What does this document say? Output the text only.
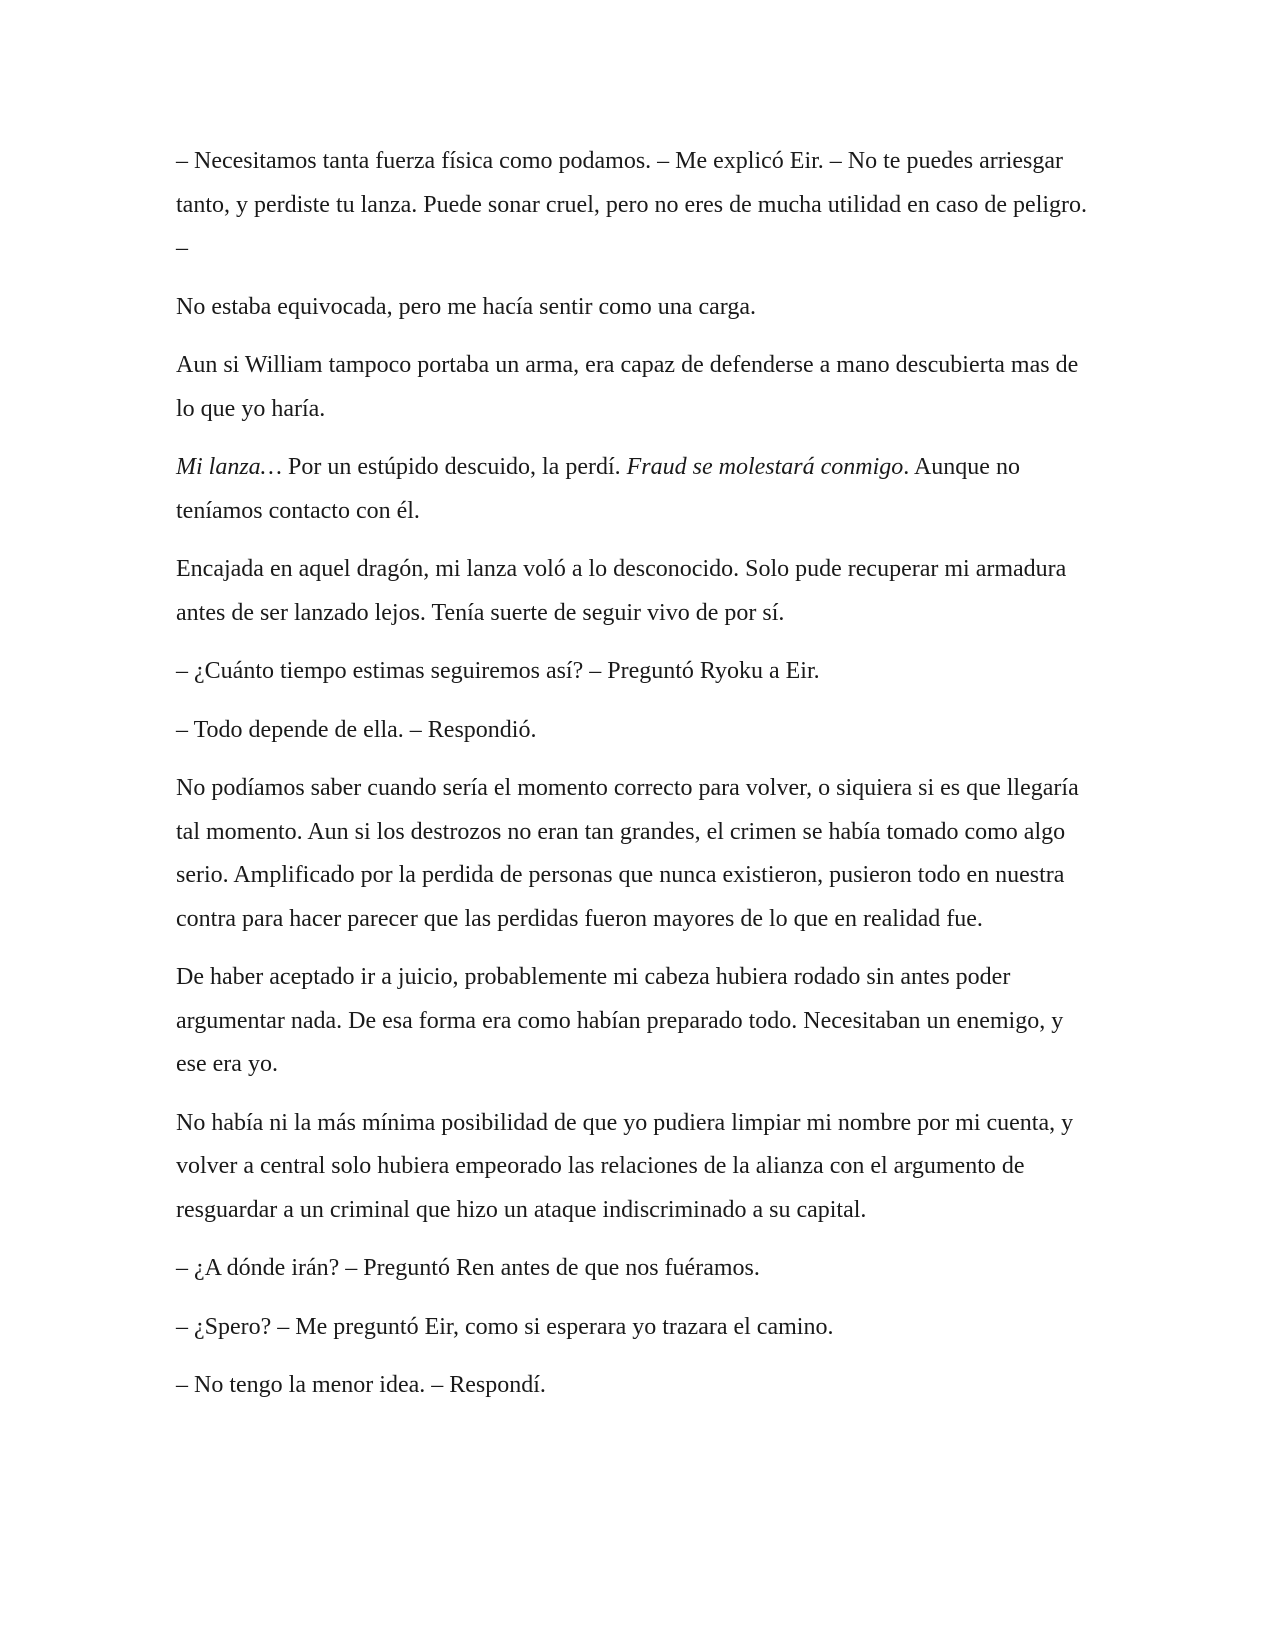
– Necesitamos tanta fuerza física como podamos. – Me explicó Eir. – No te puedes arriesgar tanto, y perdiste tu lanza. Puede sonar cruel, pero no eres de mucha utilidad en caso de peligro. –

No estaba equivocada, pero me hacía sentir como una carga.

Aun si William tampoco portaba un arma, era capaz de defenderse a mano descubierta mas de lo que yo haría.

Mi lanza… Por un estúpido descuido, la perdí. Fraud se molestará conmigo. Aunque no teníamos contacto con él.

Encajada en aquel dragón, mi lanza voló a lo desconocido. Solo pude recuperar mi armadura antes de ser lanzado lejos. Tenía suerte de seguir vivo de por sí.

– ¿Cuánto tiempo estimas seguiremos así? – Preguntó Ryoku a Eir.

– Todo depende de ella. – Respondió.

No podíamos saber cuando sería el momento correcto para volver, o siquiera si es que llegaría tal momento. Aun si los destrozos no eran tan grandes, el crimen se había tomado como algo serio. Amplificado por la perdida de personas que nunca existieron, pusieron todo en nuestra contra para hacer parecer que las perdidas fueron mayores de lo que en realidad fue.

De haber aceptado ir a juicio, probablemente mi cabeza hubiera rodado sin antes poder argumentar nada. De esa forma era como habían preparado todo. Necesitaban un enemigo, y ese era yo.

No había ni la más mínima posibilidad de que yo pudiera limpiar mi nombre por mi cuenta, y volver a central solo hubiera empeorado las relaciones de la alianza con el argumento de resguardar a un criminal que hizo un ataque indiscriminado a su capital.

– ¿A dónde irán? – Preguntó Ren antes de que nos fuéramos.

– ¿Spero? – Me preguntó Eir, como si esperara yo trazara el camino.

– No tengo la menor idea. – Respondí.
